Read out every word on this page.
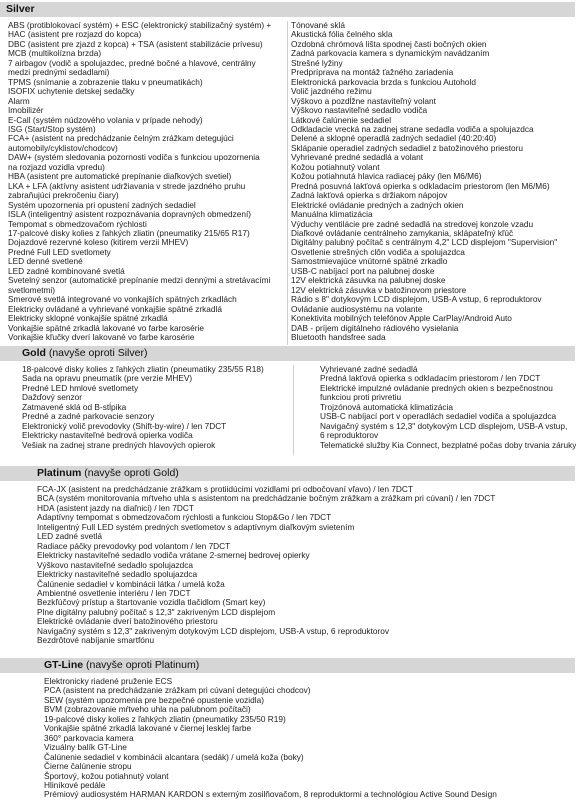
Silver
ABS (protiblokovací systém) + ESC (elektronický stabilizačný systém) +
HAC (asistent pre rozjazd do kopca)
DBC (asistent pre zjazd z kopca) + TSA (asistent stabilizácie prívesu)
MCB (multikolízna brzda)
7 airbagov (vodič a spolujazdec, predné bočné a hlavové, centrálny
medzi prednými sedadlami)
TPMS (snímanie a zobrazenie tlaku v pneumatikách)
ISOFIX uchytenie detskej sedačky
Alarm
Imobilizér
E-Call (systém núdzového volania v prípade nehody)
ISG (Start/Stop systém)
FCA+ (asistent na predchádzanie čelným zrážkam detegujúci
automobily/cyklistov/chodcov)
DAW+ (systém sledovania pozornosti vodiča s funkciou upozornenia
na rozjazd vozidla vpredu)
HBA (asistent pre automatické prepínanie diaľkových svetiel)
LKA + LFA (aktívny asistent udržiavania v strede jazdného pruhu
zabraňujúci prekročeniu čiary)
Systém upozornenia pri opustení zadných sedadiel
ISLA (inteligentný asistent rozpoznávania dopravných obmedzení)
Tempomat s obmedzovačom rýchlosti
17-palcové disky kolies z ľahkých zliatin (pneumatiky 215/65 R17)
Dojazdové rezervné koleso (kitirem verzii MHEV)
Predné Full LED svetlomety
LED denné svetlené
LED zadné kombinované svetlá
Svetelný senzor (automatické prepínanie medzi dennými a stretávacími
svetlometmi)
Smerové svetlá integrované vo vonkajších spätných zrkadlách
Elektricky ovládané a vyhrievané vonkajšie spätné zrkadlá
Elektricky sklopné vonkajšie spätné zrkadlá
Vonkajšie spätné zrkadlá lakované vo farbe karosérie
Vonkajšie kľučky dverí lakované vo farbe karosérie
Tónované sklá
Akustická fólia čelného skla
Ozdobná chrómová lišta spodnej časti bočných okien
Zadná parkovacia kamera s dynamickým navádzaním
Strešné lyžiny
Predpríprava na montáž ťažného zariadenia
Elektronická parkovacia brzda s funkciou Autohold
Volič jazdného režimu
Výškovo a pozdĺžne nastaviteľný volant
Výškovo nastaviteľné sedadlo vodiča
Látkové čalúnenie sedadiel
Odkladacie vrecká na zadnej strane sedadla vodiča a spolujazdca
Delené a sklopné operadlá zadných sedadiel (40:20:40)
Sklápanie operadiel zadných sedadiel z batožinového priestoru
Vyhrievané predné sedadlá a volant
Kožou potiahnutý volant
Kožou potiahnutá hlavica radiacej páky (len M6/M6)
Predná posuvná lakťová opierka s odkladacím priestorom (len M6/M6)
Zadná lakťová opierka s držiakom nápojov
Elektrické ovládanie predných a zadných okien
Manuálna klimatizácia
Výduchy ventilácie pre zadné sedadlá na stredovej konzole vzadu
Diaľkové ovládanie centrálneho zamykania, sklápateľný kľúč
Digitálny palubný počítač s centrálnym 4,2" LCD displejom "Supervision"
Osvetlenie strešných clôn vodiča a spolujazdca
Samostmievajúce vnútorné spätné zrkadlo
USB-C nabíjací port na palubnej doske
12V elektrická zásuvka na palubnej doske
12V elektrická zásuvka v batožinovom priestore
Rádio s 8" dotykovým LCD displejom, USB-A vstup, 6 reproduktorov
Ovládanie audiosystému na volante
Konektivita mobilných telefónov Apple CarPlay/Android Auto
DAB - príjem digitálneho rádiového vysielania
Bluetooth handsfree sada
Gold (navyše oproti Silver)
18-palcové disky kolies z ľahkých zliatin (pneumatiky 235/55 R18)
Sada na opravu pneumatík (pre verzie MHEV)
Predné LED hmlové svetlomety
Dažďový senzor
Zatmavené sklá od B-stĺpika
Predné a zadné parkovacie senzory
Elektronický volič prevodovky (Shift-by-wire) / len 7DCT
Elektricky nastaviteľné bedrová opierka vodiča
Vešiak na zadnej strane predných hlavových opierok
Vyhrievané zadné sedadlá
Predná lakťová opierka s odkladacím priestorom / len 7DCT
Elektrické impulzné ovládanie predných okien s bezpečnostnou
funkciou proti privretiu
Trojzónová automatická klimatizácia
USB-C nabíjací port v operadlách sedadiel vodiča a spolujazdca
Navigačný systém s 12,3" dotykovým LCD displejom, USB-A vstup,
6 reproduktorov
Telematické služby Kia Connect, bezplatné počas doby trvania záruky
Platinum (navyše oproti Gold)
FCA-JX (asistent na predchádzanie zrážkam s protiidúcimi vozidlami pri odbočovaní vľavo) / len 7DCT
BCA (systém monitorovania mŕtveho uhla s asistentom na predchádzanie bočným zrážkam a zrážkam pri cúvaní) / len 7DCT
HDA (asistent jazdy na diaľnici) / len 7DCT
Adaptívny tempomat s obmedzovačom rýchlosti a funkciou Stop&Go / len 7DCT
Inteligentný Full LED systém predných svetlometov s adaptívnym diaľkovým svietením
LED zadné svetlá
Radiace páčky prevodovky pod volantom / len 7DCT
Elektricky nastaviteľné sedadlo vodiča vrátane 2-smernej bedrovej opierky
Výškovo nastaviteľné sedadlo spolujazdca
Elektricky nastaviteľné sedadlo spolujazdca
Čalúnenie sedadiel v kombinácii látka / umelá koža
Ambientné osvetlenie interiéru / len 7DCT
Bezkľúčový prístup a štartovanie vozidla tlačidlom (Smart key)
Plne digitálny palubný počítač s 12,3" zakriveným LCD displejom
Elektrické ovládanie dverí batožinového priestoru
Navigačný systém s 12,3" zakriveným dotykovým LCD displejom, USB-A vstup, 6 reproduktorov
Bezdrôtové nabíjanie smartfónu
GT-Line (navyše oproti Platinum)
Elektronicky riadené pruženie ECS
PCA (asistent na predchádzanie zrážkam pri cúvaní detegujúci chodcov)
SEW (systém upozornenia pre bezpečné opustenie vozidla)
BVM (zobrazovanie mŕtveho uhla na palubnom počítači)
19-palcové disky kolies z ľahkých zliatin (pneumatiky 235/50 R19)
Vonkajšie spätné zrkadlá lakované v čiernej lesklej farbe
360° parkovacia kamera
Vizuálny balík GT-Line
Čalúnenie sedadiel v kombinácii alcantara (sedák) / umelá koža (boky)
Čierne čalúnenie stropu
Športový, kožou potiahnutý volant
Hliníkové pedále
Prémiový audiosystém HARMAN KARDON s externým zosilňovačom, 8 reproduktormi a technológiou Active Sound Design
